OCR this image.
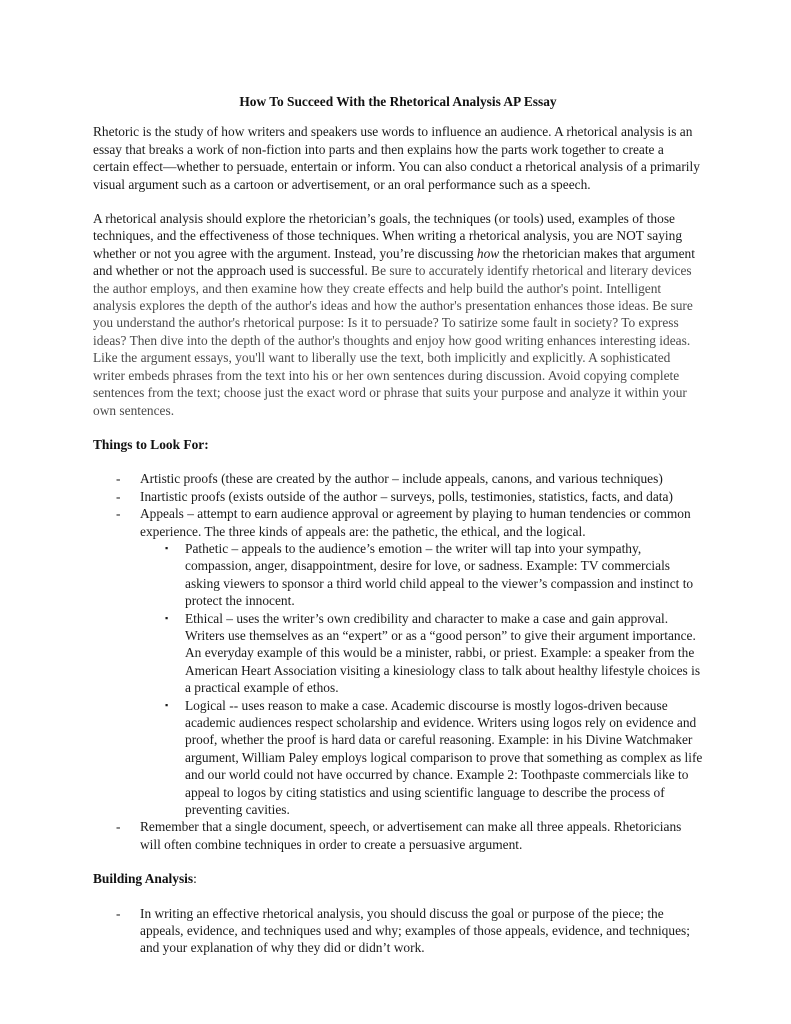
How To Succeed With the Rhetorical Analysis AP Essay

Rhetoric is the study of how writers and speakers use words to influence an audience. A rhetorical analysis is an essay that breaks a work of non-fiction into parts and then explains how the parts work together to create a certain effect—whether to persuade, entertain or inform. You can also conduct a rhetorical analysis of a primarily visual argument such as a cartoon or advertisement, or an oral performance such as a speech.

A rhetorical analysis should explore the rhetorician’s goals, the techniques (or tools) used, examples of those techniques, and the effectiveness of those techniques. When writing a rhetorical analysis, you are NOT saying whether or not you agree with the argument. Instead, you’re discussing how the rhetorician makes that argument and whether or not the approach used is successful. Be sure to accurately identify rhetorical and literary devices the author employs, and then examine how they create effects and help build the author's point. Intelligent analysis explores the depth of the author's ideas and how the author's presentation enhances those ideas. Be sure you understand the author's rhetorical purpose: Is it to persuade? To satirize some fault in society? To express ideas? Then dive into the depth of the author's thoughts and enjoy how good writing enhances interesting ideas. Like the argument essays, you'll want to liberally use the text, both implicitly and explicitly. A sophisticated writer embeds phrases from the text into his or her own sentences during discussion. Avoid copying complete sentences from the text; choose just the exact word or phrase that suits your purpose and analyze it within your own sentences.

Things to Look For:
- Artistic proofs (these are created by the author – include appeals, canons, and various techniques)
- Inartistic proofs (exists outside of the author – surveys, polls, testimonies, statistics, facts, and data)
- Appeals – attempt to earn audience approval or agreement by playing to human tendencies or common experience. The three kinds of appeals are: the pathetic, the ethical, and the logical.
▪ Pathetic – appeals to the audience’s emotion – the writer will tap into your sympathy, compassion, anger, disappointment, desire for love, or sadness. Example: TV commercials asking viewers to sponsor a third world child appeal to the viewer’s compassion and instinct to protect the innocent.
▪ Ethical – uses the writer’s own credibility and character to make a case and gain approval. Writers use themselves as an “expert” or as a “good person” to give their argument importance. An everyday example of this would be a minister, rabbi, or priest. Example: a speaker from the American Heart Association visiting a kinesiology class to talk about healthy lifestyle choices is a practical example of ethos.
▪ Logical -- uses reason to make a case. Academic discourse is mostly logos-driven because academic audiences respect scholarship and evidence. Writers using logos rely on evidence and proof, whether the proof is hard data or careful reasoning. Example: in his Divine Watchmaker argument, William Paley employs logical comparison to prove that something as complex as life and our world could not have occurred by chance. Example 2: Toothpaste commercials like to appeal to logos by citing statistics and using scientific language to describe the process of preventing cavities.
- Remember that a single document, speech, or advertisement can make all three appeals. Rhetoricians will often combine techniques in order to create a persuasive argument.
Building Analysis:
- In writing an effective rhetorical analysis, you should discuss the goal or purpose of the piece; the appeals, evidence, and techniques used and why; examples of those appeals, evidence, and techniques; and your explanation of why they did or didn’t work.
